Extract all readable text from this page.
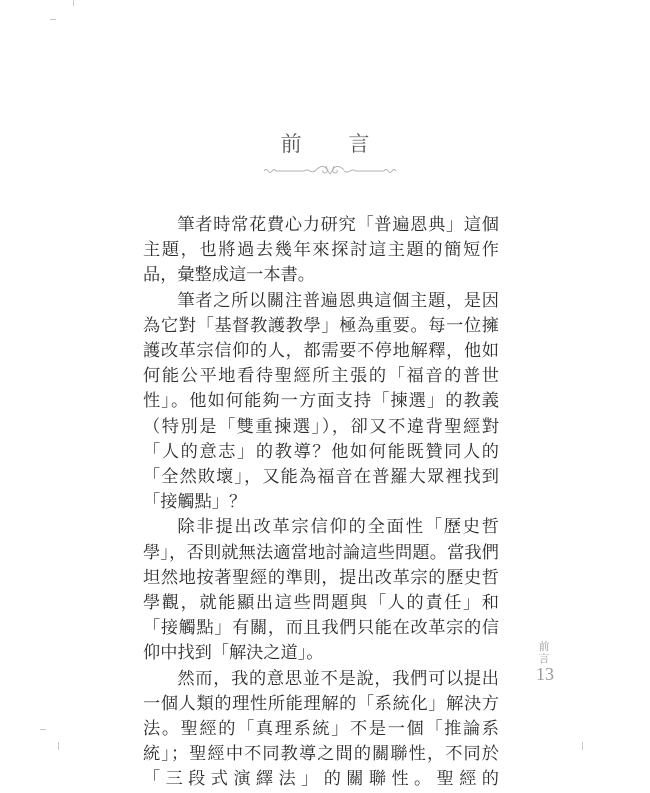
前 言

筆者時常花費心力研究「普遍恩典」這個主題，也將過去幾年來探討這主題的簡短作品，彙整成這一本書。

筆者之所以關注普遍恩典這個主題，是因為它對「基督教護教學」極為重要。每一位擁護改革宗信仰的人，都需要不停地解釋，他如何能公平地看待聖經所主張的「福音的普世性」。他如何能夠一方面支持「揀選」的教義（特別是「雙重揀選」），卻又不違背聖經對「人的意志」的教導？他如何能既贊同人的「全然敗壞」，又能為福音在普羅大眾裡找到「接觸點」？

除非提出改革宗信仰的全面性「歷史哲學」，否則就無法適當地討論這些問題。當我們坦然地按著聖經的準則，提出改革宗的歷史哲學觀，就能顯出這些問題與「人的責任」和「接觸點」有關，而且我們只能在改革宗的信仰中找到「解決之道」。

然而，我的意思並不是說，我們可以提出一個人類的理性所能理解的「系統化」解決方法。聖經的「真理系統」不是一個「推論系統」；聖經中不同教導之間的關聯性，不同於「三段式演繹法」的關聯性。聖經的

前言
13
